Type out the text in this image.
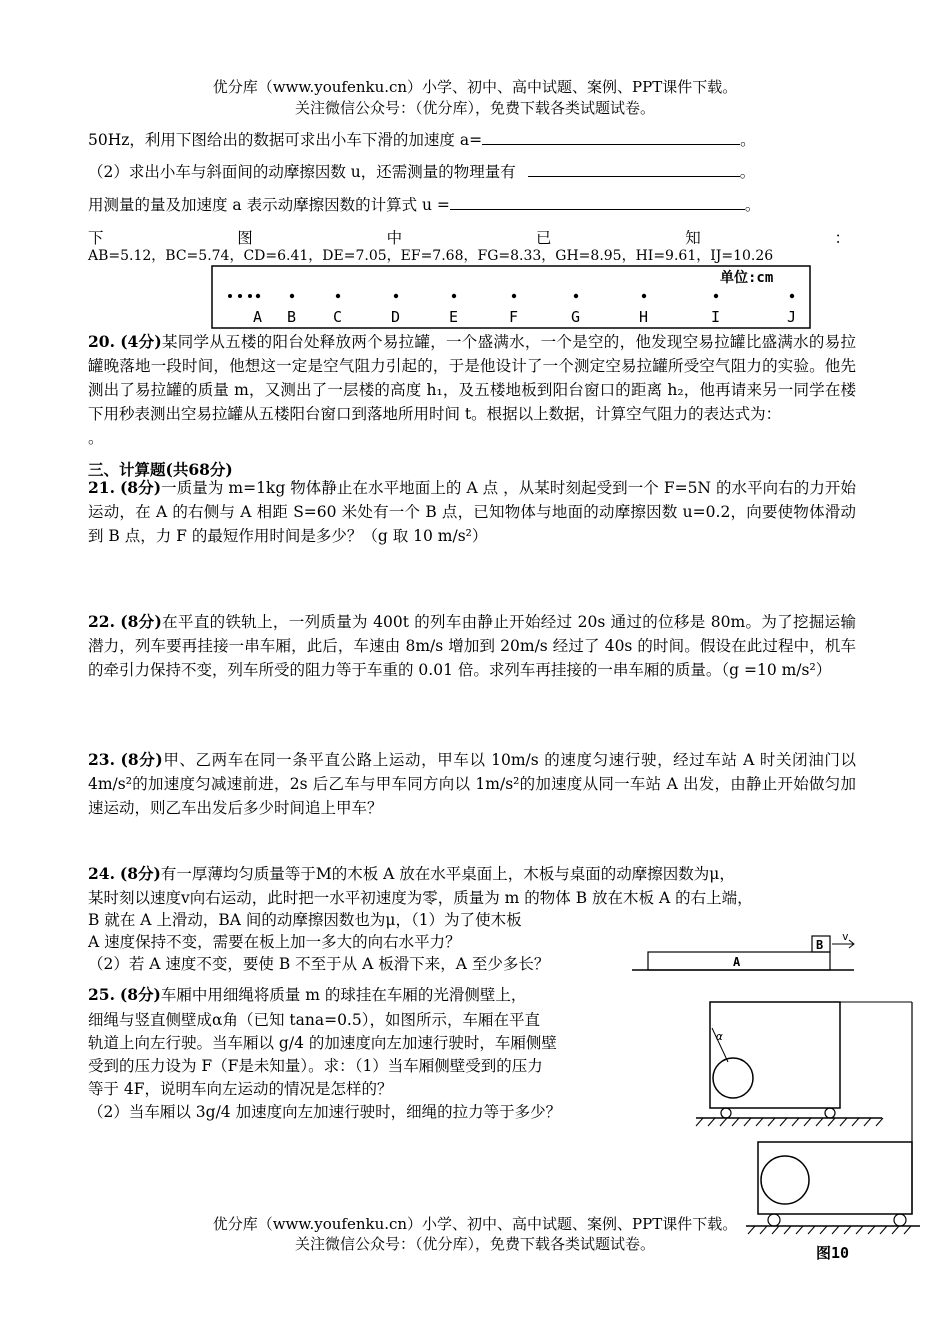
优分库（www.youfenku.cn）小学、初中、高中试题、案例、PPT课件下载。
关注微信公众号：（优分库），免费下载各类试题试卷。
50Hz，利用下图给出的数据可求出小车下滑的加速度 a=	。
（2）求出小车与斜面间的动摩擦因数 u，还需测量的物理量有	。
用测量的量及加速度 a 表示动摩擦因数的计算式 u =	。
下	图	中	已	知	：
AB=5.12，BC=5.74，CD=6.41，DE=7.05，EF=7.68，FG=8.33，GH=8.95，HI=9.61，IJ=10.26
单位:cm
A B C	D	E	F	G	H	I	J
20. (4分)某同学从五楼的阳台处释放两个易拉罐，一个盛满水，一个是空的，他发现空易拉罐比盛满水的易拉罐晚落地一段时间，他想这一定是空气阻力引起的，于是他设计了一个测定空易拉罐所受空气阻力的实验。他先测出了易拉罐的质量 m，又测出了一层楼的高度 h₁，及五楼地板到阳台窗口的距离 h₂，他再请来另一同学在楼下用秒表测出空易拉罐从五楼阳台窗口到落地所用时间 t。根据以上数据，计算空气阻力的表达式为：
。
三、计算题(共68分)
21. (8分)一质量为 m=1kg 物体静止在水平地面上的 A 点 ，从某时刻起受到一个 F=5N 的水平向右的力开始运动，在 A 的右侧与 A 相距 S=60 米处有一个 B 点，已知物体与地面的动摩擦因数 u=0.2，向要使物体滑动到 B 点，力 F 的最短作用时间是多少？（g 取 10 m/s²）
22. (8分)在平直的铁轨上，一列质量为 400t 的列车由静止开始经过 20s 通过的位移是 80m。为了挖掘运输潜力，列车要再挂接一串车厢，此后，车速由 8m/s 增加到 20m/s 经过了 40s 的时间。假设在此过程中，机车的牵引力保持不变，列车所受的阻力等于车重的 0.01 倍。求列车再挂接的一串车厢的质量。（g =10 m/s²）
23. (8分)甲、乙两车在同一条平直公路上运动，甲车以 10m/s 的速度匀速行驶，经过车站 A 时关闭油门以 4m/s²的加速度匀减速前进，2s 后乙车与甲车同方向以 1m/s²的加速度从同一车站 A 出发，由静止开始做匀加速运动，则乙车出发后多少时间追上甲车？
24. (8分)有一厚薄均匀质量等于M的木板 A 放在水平桌面上，木板与桌面的动摩擦因数为μ，
某时刻以速度v向右运动，此时把一水平初速度为零，质量为 m 的物体 B 放在木板 A 的右上端，
B 就在 A 上滑动，BA 间的动摩擦因数也为μ，（1）为了使木板
A 速度保持不变，需要在板上加一多大的向右水平力？
（2）若 A 速度不变，要使 B 不至于从 A 板滑下来，A 至少多长？	A
B
v
25. (8分)车厢中用细绳将质量 m 的球挂在车厢的光滑侧壁上，
细绳与竖直侧壁成α角（已知 tana=0.5），如图所示，车厢在平直
轨道上向左行驶。当车厢以 g/4 的加速度向左加速行驶时，车厢侧壁
受到的压力设为 F（F是未知量）。求：（1）当车厢侧壁受到的压力
等于 4F，说明车向左运动的情况是怎样的？
（2）当车厢以 3g/4 加速度向左加速行驶时，细绳的拉力等于多少？
α
图10
优分库（www.youfenku.cn）小学、初中、高中试题、案例、PPT课件下载。
关注微信公众号：（优分库），免费下载各类试题试卷。
